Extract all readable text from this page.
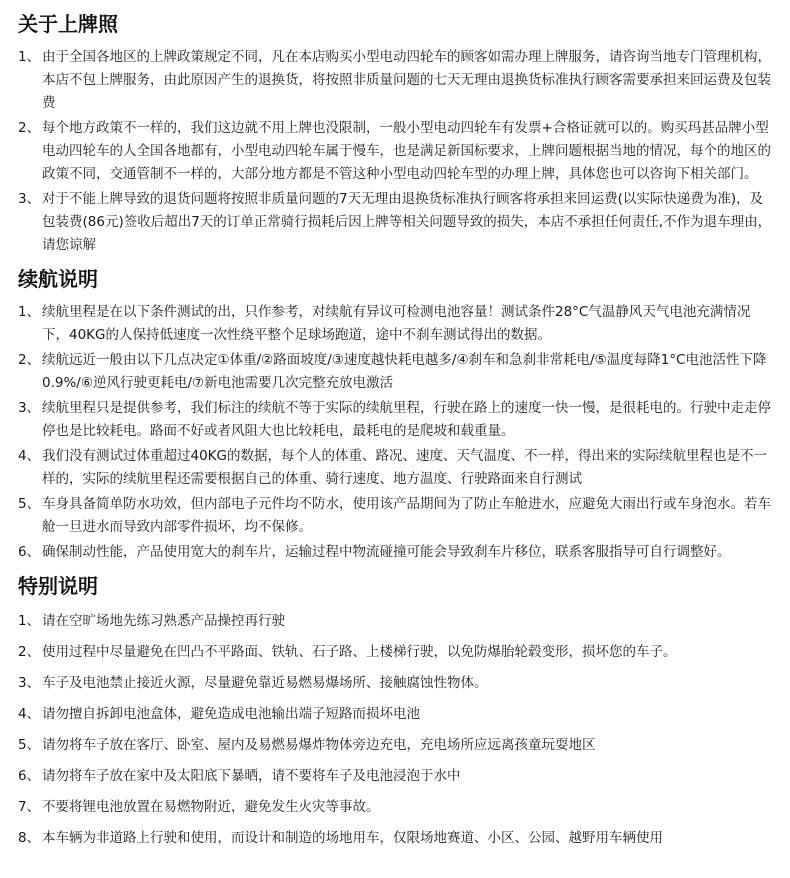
关于上牌照
1、 由于全国各地区的上牌政策规定不同，凡在本店购买小型电动四轮车的顾客如需办理上牌服务，请咨询当地专门管理机构，本店不包上牌服务，由此原因产生的退换货，将按照非质量问题的七天无理由退换货标准执行顾客需要承担来回运费及包装费
2、 每个地方政策不一样的，我们这边就不用上牌也没限制，一般小型电动四轮车有发票+合格证就可以的。购买玛甚品牌小型电动四轮车的人全国各地都有，小型电动四轮车属于慢车，也是满足新国标要求，上牌问题根据当地的情况，每个的地区的政策不同，交通管制不一样的，大部分地方都是不管这种小型电动四轮车型的办理上牌，具体您也可以咨询下相关部门。
3、 对于不能上牌导致的退货问题将按照非质量问题的7天无理由退换货标准执行顾客将承担来回运费(以实际快递费为准)，及包装费(86元)签收后超出7天的订单正常骑行损耗后因上牌等相关问题导致的损失，本店不承担任何责任,不作为退车理由，请您谅解
续航说明
1、 续航里程是在以下条件测试的出，只作参考，对续航有异议可检测电池容量！测试条件28°C气温静风天气电池充满情况下，40KG的人保持低速度一次性绕平整个足球场跑道，途中不刹车测试得出的数据。
2、 续航远近一般由以下几点决定①体重/②路面坡度/③速度越快耗电越多/④刹车和急刹非常耗电/⑤温度每降1°C电池活性下降0.9%/⑥逆风行驶更耗电/⑦新电池需要几次完整充放电激活
3、 续航里程只是提供参考，我们标注的续航不等于实际的续航里程，行驶在路上的速度一快一慢，是很耗电的。行驶中走走停停也是比较耗电。路面不好或者风阻大也比较耗电，最耗电的是爬坡和载重量。
4、 我们没有测试过体重超过40KG的数据，每个人的体重、路况、速度、天气温度、不一样，得出来的实际续航里程也是不一样的，实际的续航里程还需要根据自己的体重、骑行速度、地方温度、行驶路面来自行测试
5、 车身具备简单防水功效，但内部电子元件均不防水，使用该产品期间为了防止车舱进水，应避免大雨出行或车身泡水。若车舱一旦进水而导致内部零件损坏，均不保修。
6、 确保制动性能，产品使用宽大的刹车片，运输过程中物流碰撞可能会导致刹车片移位，联系客服指导可自行调整好。
特别说明
1、 请在空旷场地先练习熟悉产品操控再行驶
2、 使用过程中尽量避免在凹凸不平路面、铁轨、石子路、上楼梯行驶，以免防爆胎轮毂变形，损坏您的车子。
3、 车子及电池禁止接近火源，尽量避免靠近易燃易爆场所、接触腐蚀性物体。
4、 请勿擅自拆卸电池盒体，避免造成电池输出端子短路而损坏电池
5、 请勿将车子放在客厅、卧室、屋内及易燃易爆炸物体旁边充电，充电场所应远离孩童玩耍地区
6、 请勿将车子放在家中及太阳底下暴晒，请不要将车子及电池浸泡于水中
7、 不要将锂电池放置在易燃物附近，避免发生火灾等事故。
8、 本车辆为非道路上行驶和使用，而设计和制造的场地用车，仅限场地赛道、小区、公园、越野用车辆使用
